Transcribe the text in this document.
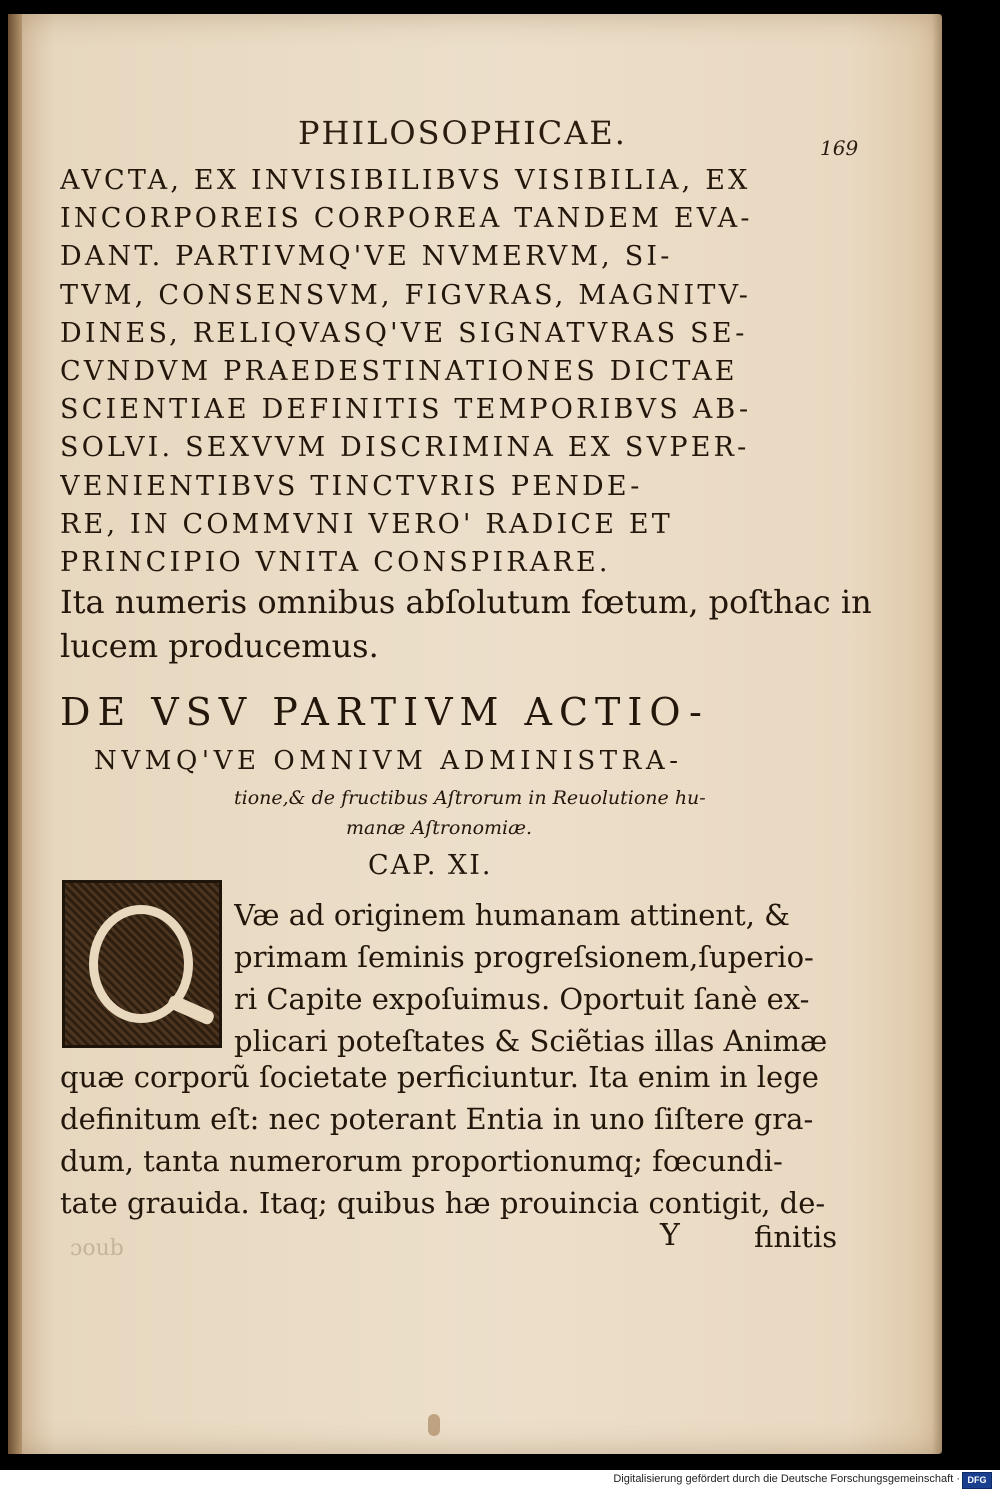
PHILOSOPHICAE.	169
AVCTA, EX INVISIBILIBVS VISIBILIA, EX
INCORPOREIS CORPOREA TANDEM EVA-
DANT. PARTIVMQ'VE NVMERVM, SI-
TVM, CONSENSVM, FIGVRAS, MAGNITV-
DINES, RELIQVASQ'VE SIGNATVRAS SE-
CVNDVM PRAEDESTINATIONES DICTAE
SCIENTIAE DEFINITIS TEMPORIBVS AB-
SOLVI. SEXVVM DISCRIMINA EX SVPER-
VENIENTIBVS TINCTVRIS PENDE-
RE, IN COMMVNI VERO' RADICE ET
PRINCIPIO VNITA CONSPIRARE.
Ita numeris omnibus abſolutum fœtum, poſthac in
lucem producemus.
DE VSV PARTIVM ACTIO-
NVMQ'VE OMNIVM ADMINISTRA-
tione,& de fructibus Aſtrorum in Reuolutione hu-
manæ Aſtronomiæ.
CAP. XI.
Væ ad originem humanam attinent, &
primam ſeminis progreſsionem,ſuperio-
ri Capite expoſuimus. Oportuit ſanè ex-
plicari poteſtates & Sciẽtias illas Animæ
quæ corporũ ſocietate perficiuntur. Ita enim in lege
definitum eſt: nec poterant Entia in uno ſiſtere gra-
dum, tanta numerorum proportionumq; fœcundi-
tate grauida. Itaq; quibus hæ prouincia contigit, de-
ɔoub	Y	finitis
Digitalisierung gefördert durch die Deutsche Forschungsgemeinschaft · DFG
